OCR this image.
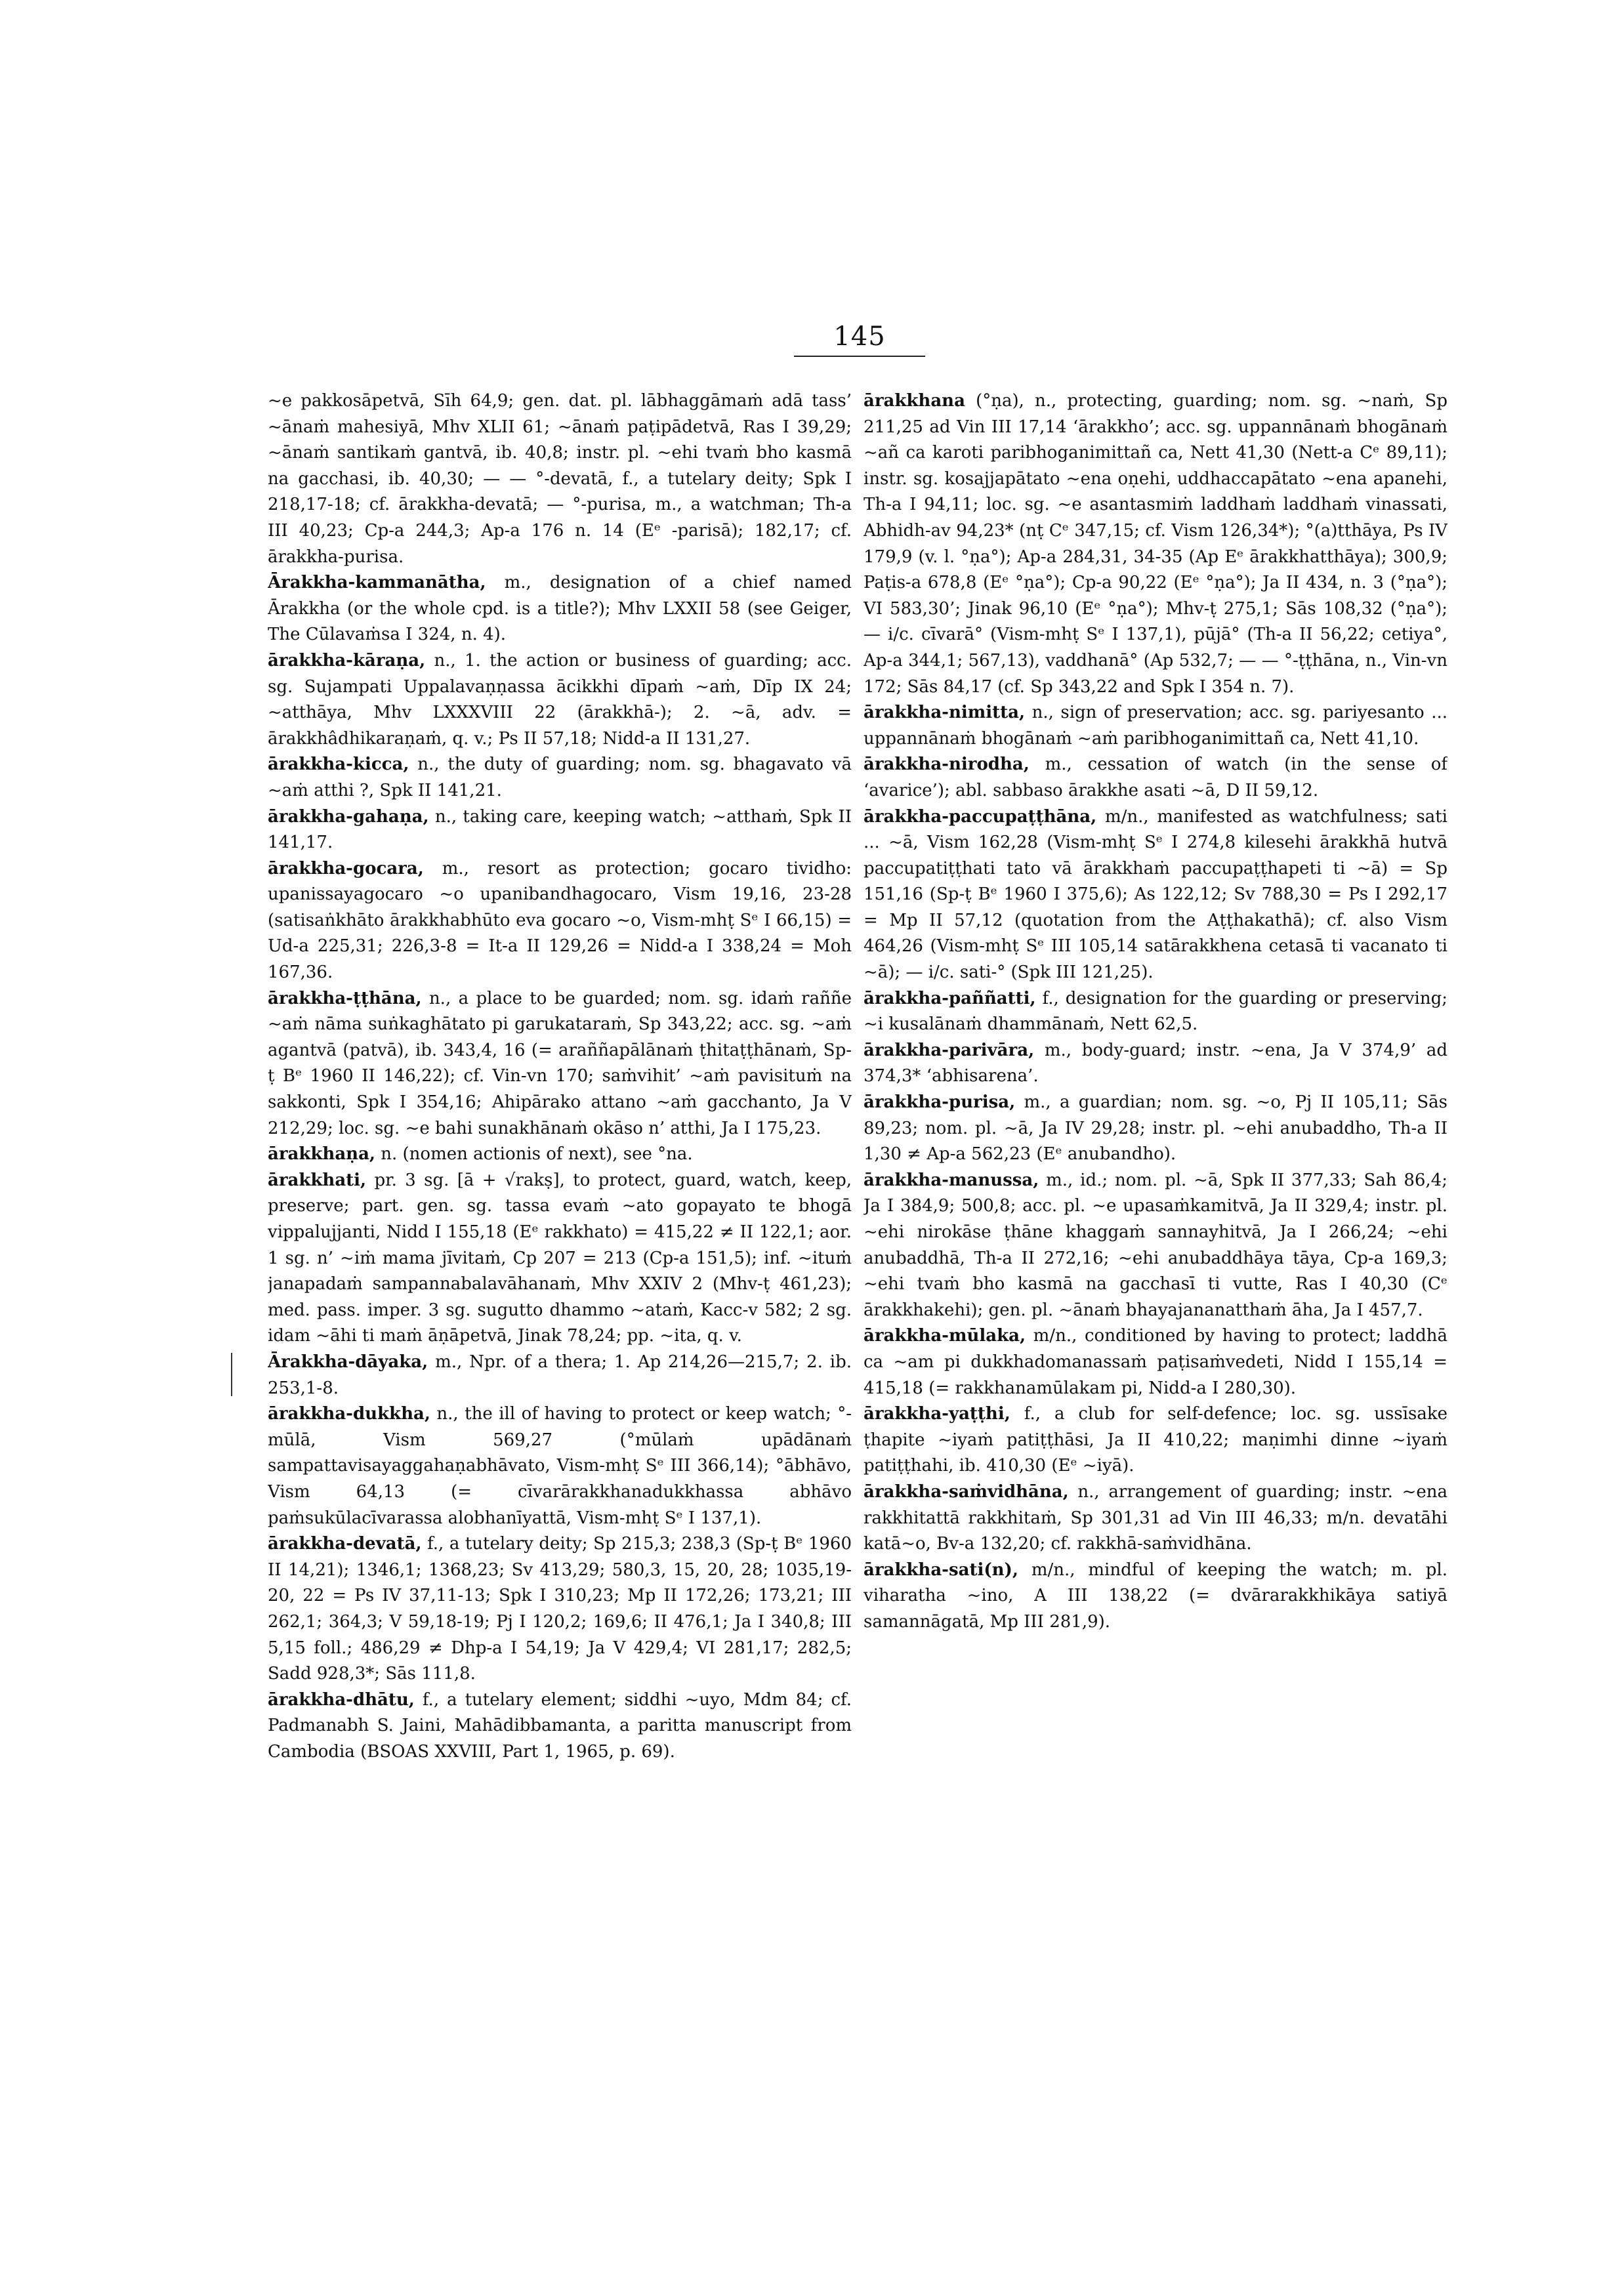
145

~e pakkosāpetvā, Sīh 64,9; gen. dat. pl. lābhaggāmaṁ adā tass’ ~ānaṁ mahesiyā, Mhv XLII 61; ~ānaṁ paṭipādetvā, Ras I 39,29; ~ānaṁ santikaṁ gantvā, ib. 40,8; instr. pl. ~ehi tvaṁ bho kasmā na gacchasi, ib. 40,30; — — °-devatā, f., a tutelary deity; Spk I 218,17-18; cf. ārakkha-devatā; — °-purisa, m., a watchman; Th-a III 40,23; Cp-a 244,3; Ap-a 176 n. 14 (Eᵉ -parisā); 182,17; cf. ārakkha-purisa.

Ārakkha-kammanātha, m., designation of a chief named Ārakkha (or the whole cpd. is a title?); Mhv LXXII 58 (see Geiger, The Cūlavaṁsa I 324, n. 4).

ārakkha-kāraṇa, n., 1. the action or business of guarding; acc. sg. Sujampati Uppalavaṇṇassa ācikkhi dīpaṁ ~aṁ, Dīp IX 24; ~atthāya, Mhv LXXXVIII 22 (ārakkhā-); 2. ~ā, adv. = ārakkhâdhikaraṇaṁ, q. v.; Ps II 57,18; Nidd-a II 131,27.

ārakkha-kicca, n., the duty of guarding; nom. sg. bhagavato vā ~aṁ atthi ?, Spk II 141,21.

ārakkha-gahaṇa, n., taking care, keeping watch; ~atthaṁ, Spk II 141,17.

ārakkha-gocara, m., resort as protection; gocaro tividho: upanissayagocaro ~o upanibandhagocaro, Vism 19,16, 23-28 (satisaṅkhāto ārakkhabhūto eva gocaro ~o, Vism-mhṭ Sᵉ I 66,15) = Ud-a 225,31; 226,3-8 = It-a II 129,26 = Nidd-a I 338,24 = Moh 167,36.

ārakkha-ṭṭhāna, n., a place to be guarded; nom. sg. idaṁ raññe ~aṁ nāma suṅkaghātato pi garukataraṁ, Sp 343,22; acc. sg. ~aṁ agantvā (patvā), ib. 343,4, 16 (= araññapālānaṁ ṭhitaṭṭhānaṁ, Sp-ṭ Bᵉ 1960 II 146,22); cf. Vin-vn 170; saṁvihit’ ~aṁ pavisituṁ na sakkonti, Spk I 354,16; Ahipārako attano ~aṁ gacchanto, Ja V 212,29; loc. sg. ~e bahi sunakhānaṁ okāso n’ atthi, Ja I 175,23.

ārakkhaṇa, n. (nomen actionis of next), see °na.

ārakkhati, pr. 3 sg. [ā + √rakṣ], to protect, guard, watch, keep, preserve; part. gen. sg. tassa evaṁ ~ato gopayato te bhogā vippalujjanti, Nidd I 155,18 (Eᵉ rakkhato) = 415,22 ≠ II 122,1; aor. 1 sg. n’ ~iṁ mama jīvitaṁ, Cp 207 = 213 (Cp-a 151,5); inf. ~ituṁ janapadaṁ sampannabalavāhanaṁ, Mhv XXIV 2 (Mhv-ṭ 461,23); med. pass. imper. 3 sg. sugutto dhammo ~ataṁ, Kacc-v 582; 2 sg. idam ~āhi ti maṁ āṇāpetvā, Jinak 78,24; pp. ~ita, q. v.

Ārakkha-dāyaka, m., Npr. of a thera; 1. Ap 214,26—215,7; 2. ib. 253,1-8.

ārakkha-dukkha, n., the ill of having to protect or keep watch; °-mūlā, Vism 569,27 (°mūlaṁ upādānaṁ sampattavisayaggahaṇabhāvato, Vism-mhṭ Sᵉ III 366,14); °ābhāvo, Vism 64,13 (= cīvarārakkhanadukkhassa abhāvo paṁsukūlacīvarassa alobhanīyattā, Vism-mhṭ Sᵉ I 137,1).

ārakkha-devatā, f., a tutelary deity; Sp 215,3; 238,3 (Sp-ṭ Bᵉ 1960 II 14,21); 1346,1; 1368,23; Sv 413,29; 580,3, 15, 20, 28; 1035,19-20, 22 = Ps IV 37,11-13; Spk I 310,23; Mp II 172,26; 173,21; III 262,1; 364,3; V 59,18-19; Pj I 120,2; 169,6; II 476,1; Ja I 340,8; III 5,15 foll.; 486,29 ≠ Dhp-a I 54,19; Ja V 429,4; VI 281,17; 282,5; Sadd 928,3*; Sās 111,8.

ārakkha-dhātu, f., a tutelary element; siddhi ~uyo, Mdm 84; cf. Padmanabh S. Jaini, Mahādibbamanta, a paritta manuscript from Cambodia (BSOAS XXVIII, Part 1, 1965, p. 69).

ārakkhana (°ṇa), n., protecting, guarding; nom. sg. ~naṁ, Sp 211,25 ad Vin III 17,14 ‘ārakkho’; acc. sg. uppannānaṁ bhogānaṁ ~añ ca karoti paribhoganimittañ ca, Nett 41,30 (Nett-a Cᵉ 89,11); instr. sg. kosajjapātato ~ena oṇehi, uddhaccapātato ~ena apanehi, Th-a I 94,11; loc. sg. ~e asantasmiṁ laddhaṁ laddhaṁ vinassati, Abhidh-av 94,23* (nṭ Cᵉ 347,15; cf. Vism 126,34*); °(a)tthāya, Ps IV 179,9 (v. l. °ṇa°); Ap-a 284,31, 34-35 (Ap Eᵉ ārakkhatthāya); 300,9; Paṭis-a 678,8 (Eᵉ °ṇa°); Cp-a 90,22 (Eᵉ °ṇa°); Ja II 434, n. 3 (°ṇa°); VI 583,30’; Jinak 96,10 (Eᵉ °ṇa°); Mhv-ṭ 275,1; Sās 108,32 (°ṇa°); — i/c. cīvarā° (Vism-mhṭ Sᵉ I 137,1), pūjā° (Th-a II 56,22; cetiya°, Ap-a 344,1; 567,13), vaddhanā° (Ap 532,7; — — °-ṭṭhāna, n., Vin-vn 172; Sās 84,17 (cf. Sp 343,22 and Spk I 354 n. 7).

ārakkha-nimitta, n., sign of preservation; acc. sg. pariyesanto ... uppannānaṁ bhogānaṁ ~aṁ paribhoganimittañ ca, Nett 41,10.

ārakkha-nirodha, m., cessation of watch (in the sense of ‘avarice’); abl. sabbaso ārakkhe asati ~ā, D II 59,12.

ārakkha-paccupaṭṭhāna, m/n., manifested as watchfulness; sati ... ~ā, Vism 162,28 (Vism-mhṭ Sᵉ I 274,8 kilesehi ārakkhā hutvā paccupatiṭṭhati tato vā ārakkhaṁ paccupaṭṭhapeti ti ~ā) = Sp 151,16 (Sp-ṭ Bᵉ 1960 I 375,6); As 122,12; Sv 788,30 = Ps I 292,17 = Mp II 57,12 (quotation from the Aṭṭhakathā); cf. also Vism 464,26 (Vism-mhṭ Sᵉ III 105,14 satārakkhena cetasā ti vacanato ti ~ā); — i/c. sati-° (Spk III 121,25).

ārakkha-paññatti, f., designation for the guarding or preserving; ~i kusalānaṁ dhammānaṁ, Nett 62,5.

ārakkha-parivāra, m., body-guard; instr. ~ena, Ja V 374,9’ ad 374,3* ‘abhisarena’.

ārakkha-purisa, m., a guardian; nom. sg. ~o, Pj II 105,11; Sās 89,23; nom. pl. ~ā, Ja IV 29,28; instr. pl. ~ehi anubaddho, Th-a II 1,30 ≠ Ap-a 562,23 (Eᵉ anubandho).

ārakkha-manussa, m., id.; nom. pl. ~ā, Spk II 377,33; Sah 86,4; Ja I 384,9; 500,8; acc. pl. ~e upasaṁkamitvā, Ja II 329,4; instr. pl. ~ehi nirokāse ṭhāne khaggaṁ sannayhitvā, Ja I 266,24; ~ehi anubaddhā, Th-a II 272,16; ~ehi anubaddhāya tāya, Cp-a 169,3; ~ehi tvaṁ bho kasmā na gacchasī ti vutte, Ras I 40,30 (Cᵉ ārakkhakehi); gen. pl. ~ānaṁ bhayajananatthaṁ āha, Ja I 457,7.

ārakkha-mūlaka, m/n., conditioned by having to protect; laddhā ca ~am pi dukkhadomanassaṁ paṭisaṁvedeti, Nidd I 155,14 = 415,18 (= rakkhanamūlakam pi, Nidd-a I 280,30).

ārakkha-yaṭṭhi, f., a club for self-defence; loc. sg. ussīsake ṭhapite ~iyaṁ patiṭṭhāsi, Ja II 410,22; maṇimhi dinne ~iyaṁ patiṭṭhahi, ib. 410,30 (Eᵉ ~iyā).

ārakkha-saṁvidhāna, n., arrangement of guarding; instr. ~ena rakkhitattā rakkhitaṁ, Sp 301,31 ad Vin III 46,33; m/n. devatāhi katā~o, Bv-a 132,20; cf. rakkhā-saṁvidhāna.

ārakkha-sati(n), m/n., mindful of keeping the watch; m. pl. viharatha ~ino, A III 138,22 (= dvārarakkhikāya satiyā samannāgatā, Mp III 281,9).
